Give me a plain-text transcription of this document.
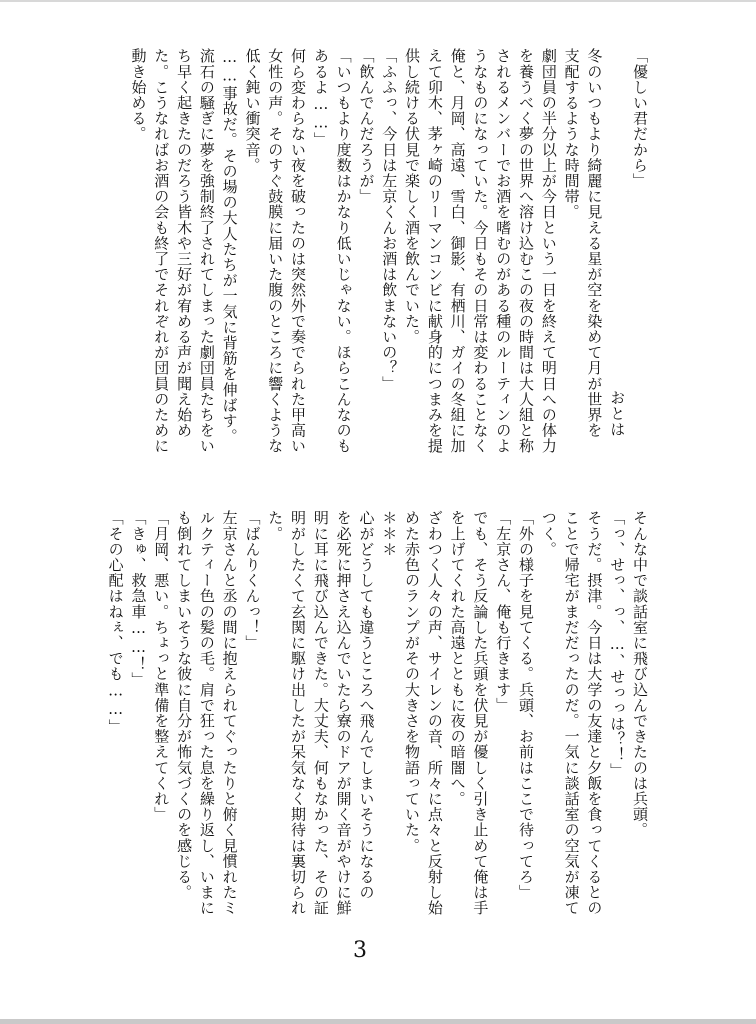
「優しい君だから」
おとは
冬のいつもより綺麗に見える星が空を染めて月が世界を
支配するような時間帯。
劇団員の半分以上が今日という一日を終えて明日への体力
を養うべく夢の世界へ溶け込むこの夜の時間は大人組と称
されるメンバーでお酒を嗜むのがある種のルーティンのよ
うなものになっていた。今日もその日常は変わることなく
俺と、月岡、高遠、雪白、御影、有栖川、ガイの冬組に加
えて卯木、茅ヶ崎のリーマンコンビに献身的につまみを提
供し続ける伏見で楽しく酒を飲んでいた。
「ふふっ、今日は左京くんお酒は飲まないの？」
「飲んでんだろうが」
「いつもより度数はかなり低いじゃない。ほらこんなのも
あるよ……」
何ら変わらない夜を破ったのは突然外で奏でられた甲高い
女性の声。そのすぐ鼓膜に届いた腹のところに響くような
低く鈍い衝突音。
……事故だ。その場の大人たちが一気に背筋を伸ばす。
流石の騒ぎに夢を強制終了されてしまった劇団員たちをい
ち早く起きたのだろう皆木や三好が宥める声が聞え始め
た。こうなればお酒の会も終了でそれぞれが団員のために
動き始める。
そんな中で談話室に飛び込んできたのは兵頭。
「っ、せっ、っ、…、せっっは？！」
そうだ。摂津。今日は大学の友達と夕飯を食ってくるとの
ことで帰宅がまだだったのだ。一気に談話室の空気が凍て
つく。
「外の様子を見てくる。兵頭、お前はここで待ってろ」
「左京さん、俺も行きます」
でも、そう反論した兵頭を伏見が優しく引き止めて俺は手
を上げてくれた高遠とともに夜の暗闇へ。
ざわつく人々の声、サイレンの音、所々に点々と反射し始
めた赤色のランプがその大きさを物語っていた。
＊＊＊
心がどうしても違うところへ飛んでしまいそうになるの
を必死に押さえ込んでいたら寮のドアが開く音がやけに鮮
明に耳に飛び込んできた。大丈夫、何もなかった、その証
明がしたくて玄関に駆け出したが呆気なく期待は裏切られ
た。
「ばんりくんっ！」
左京さんと丞の間に抱えられてぐったりと俯く見慣れたミ
ルクティー色の髪の毛。肩で狂った息を繰り返し、いまに
も倒れてしまいそうな彼に自分が怖気づくのを感じる。
「月岡、悪い。ちょっと準備を整えてくれ」
「きゅ、救急車……！」
「その心配はねぇ、でも……」
3
